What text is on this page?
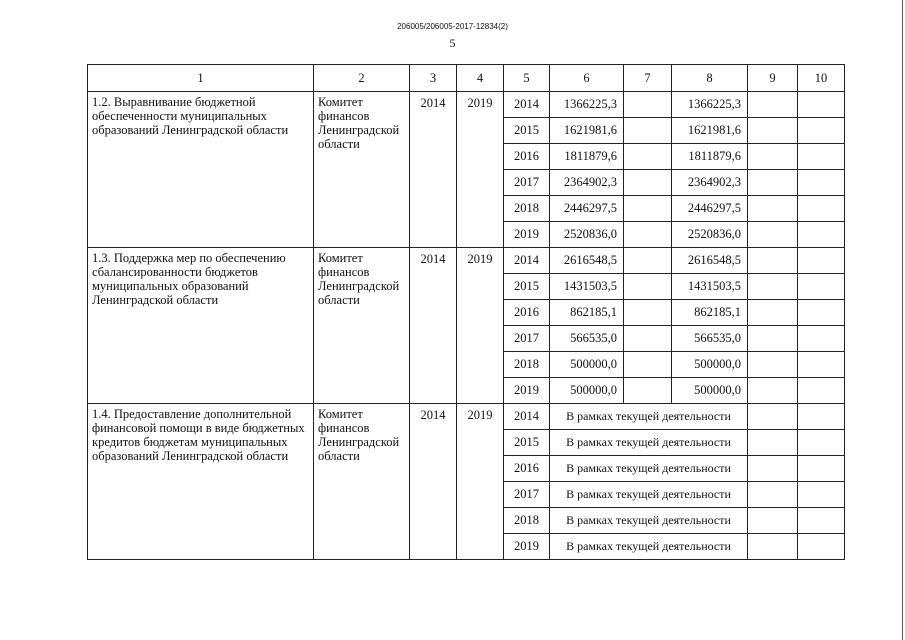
206005/206005-2017-12834(2)
5
1	2	3	4	5	6	7	8	9	10
1.2. Выравнивание бюджетной обеспеченности муниципальных образований Ленинградской области	Комитет финансов Ленинградской области	2014	2019	2014	1366225,3		1366225,3		
				2015	1621981,6		1621981,6		
				2016	1811879,6		1811879,6		
				2017	2364902,3		2364902,3		
				2018	2446297,5		2446297,5		
				2019	2520836,0		2520836,0		
1.3. Поддержка мер по обеспечению сбалансированности бюджетов муниципальных образований Ленинградской области	Комитет финансов Ленинградской области	2014	2019	2014	2616548,5		2616548,5		
				2015	1431503,5		1431503,5		
				2016	862185,1		862185,1		
				2017	566535,0		566535,0		
				2018	500000,0		500000,0		
				2019	500000,0		500000,0		
1.4. Предоставление дополнительной финансовой помощи в виде бюджетных кредитов бюджетам муниципальных образований Ленинградской области	Комитет финансов Ленинградской области	2014	2019	2014	В рамках текущей деятельности				
				2015	В рамках текущей деятельности				
				2016	В рамках текущей деятельности				
				2017	В рамках текущей деятельности				
				2018	В рамках текущей деятельности				
				2019	В рамках текущей деятельности				
